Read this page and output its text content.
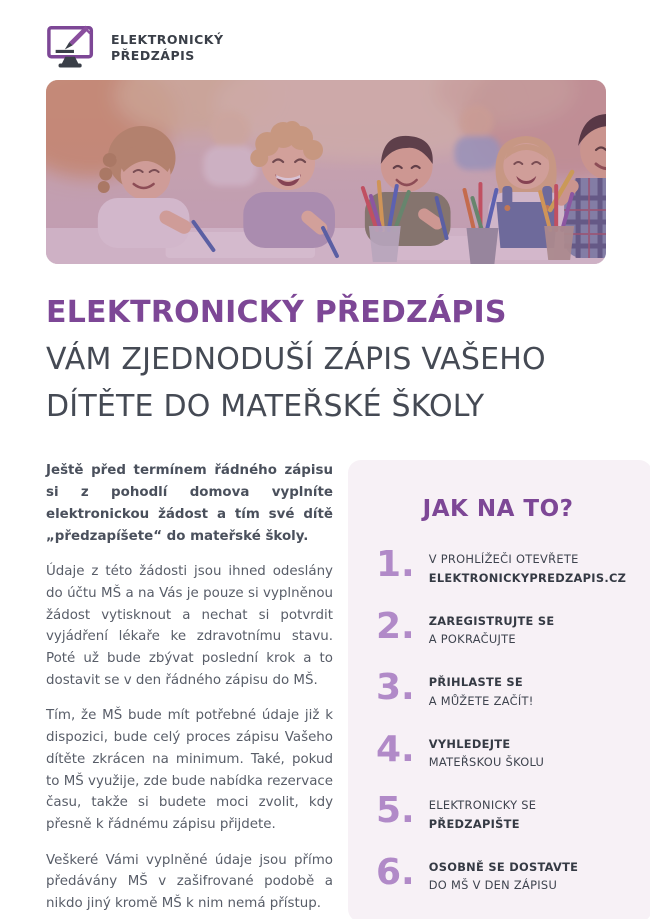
ELEKTRONICKÝ
PŘEDZÁPIS
ELEKTRONICKÝ PŘEDZÁPIS
VÁM ZJEDNODUŠÍ ZÁPIS VAŠEHO
DÍTĚTE DO MATEŘSKÉ ŠKOLY

Ještě před termínem řádného zápisu si z pohodlí domova vyplníte elektronickou žádost a tím své dítě „předzapíšete“ do mateřské školy.

Údaje z této žádosti jsou ihned odeslány do účtu MŠ a na Vás je pouze si vyplněnou žádost vytisknout a nechat si potvrdit vyjádření lékaře ke zdravotnímu stavu. Poté už bude zbývat poslední krok a to dostavit se v den řádného zápisu do MŠ.

Tím, že MŠ bude mít potřebné údaje již k dispozici, bude celý proces zápisu Vašeho dítěte zkrácen na minimum. Také, pokud to MŠ využije, zde bude nabídka rezervace času, takže si budete moci zvolit, kdy přesně k řádnému zápisu přijdete.

Veškeré Vámi vyplněné údaje jsou přímo předávány MŠ v zašifrované podobě a nikdo jiný kromě MŠ k nim nemá přístup.

JAK NA TO?
1. V PROHLÍŽEČI OTEVŘETE
ELEKTRONICKYPREDZAPIS.CZ
2. ZAREGISTRUJTE SE
A POKRAČUJTE
3. PŘIHLASTE SE
A MŮŽETE ZAČÍT!
4. VYHLEDEJTE
MATEŘSKOU ŠKOLU
5. ELEKTRONICKY SE
PŘEDZAPIŠTE
6. OSOBNĚ SE DOSTAVTE
DO MŠ V DEN ZÁPISU
